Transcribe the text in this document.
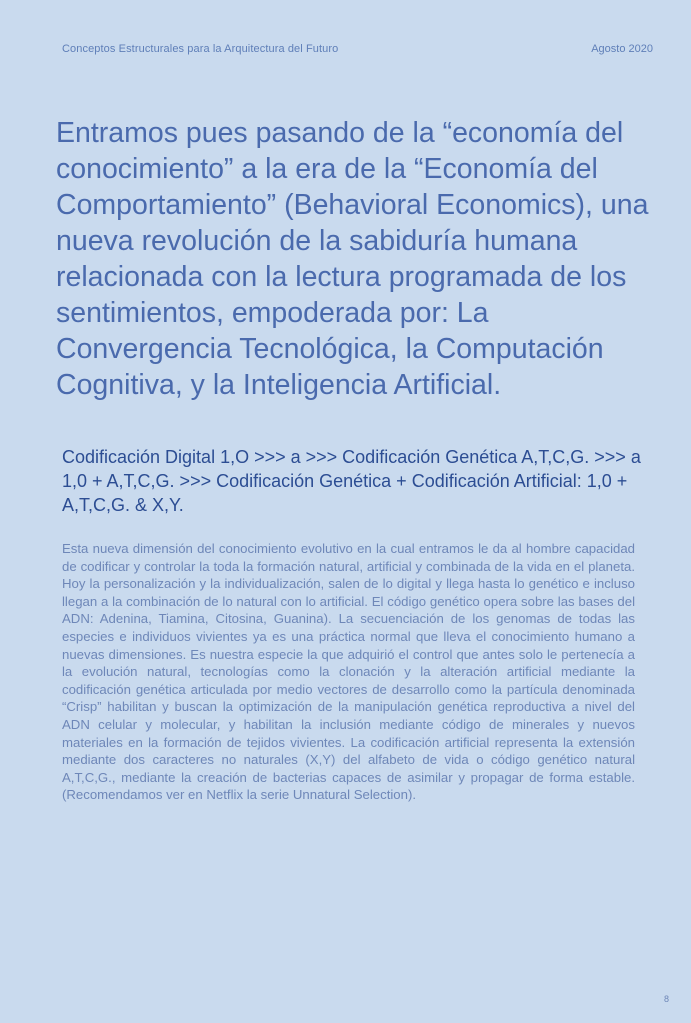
Conceptos Estructurales para la Arquitectura del Futuro	Agosto 2020
Entramos pues pasando de la “economía del conocimiento” a la era de la “Economía del Comportamiento” (Behavioral Economics), una nueva revolución de la sabiduría humana relacionada con la lectura programada de los sentimientos, empoderada por: La Convergencia Tecnológica, la Computación Cognitiva, y la Inteligencia Artificial.
Codificación Digital 1,O >>> a >>> Codificación Genética A,T,C,G. >>> a 1,0 + A,T,C,G. >>> Codificación Genética + Codificación Artificial: 1,0 + A,T,C,G. & X,Y.

Esta nueva dimensión del conocimiento evolutivo en la cual entramos le da al hombre capacidad de codificar y controlar la toda la formación natural, artificial y combinada de la vida en el planeta. Hoy la personalización y la individualización, salen de lo digital y llega hasta lo genético e incluso llegan a la combinación de lo natural con lo artificial. El código genético opera sobre las bases del ADN: Adenina, Tiamina, Citosina, Guanina). La secuenciación de los genomas de todas las especies e individuos vivientes ya es una práctica normal que lleva el conocimiento humano a nuevas dimensiones. Es nuestra especie la que adquirió el control que antes solo le pertenecía a la evolución natural, tecnologías como la clonación y la alteración artificial mediante la codificación genética articulada por medio vectores de desarrollo como la partícula denominada “Crisp” habilitan y buscan la optimización de la manipulación genética reproductiva a nivel del ADN celular y molecular, y habilitan la inclusión mediante código de minerales y nuevos materiales en la formación de tejidos vivientes. La codificación artificial representa la extensión mediante dos caracteres no naturales (X,Y) del alfabeto de vida o código genético natural A,T,C,G., mediante la creación de bacterias capaces de asimilar y propagar de forma estable. (Recomendamos ver en Netflix la serie Unnatural Selection).

8
